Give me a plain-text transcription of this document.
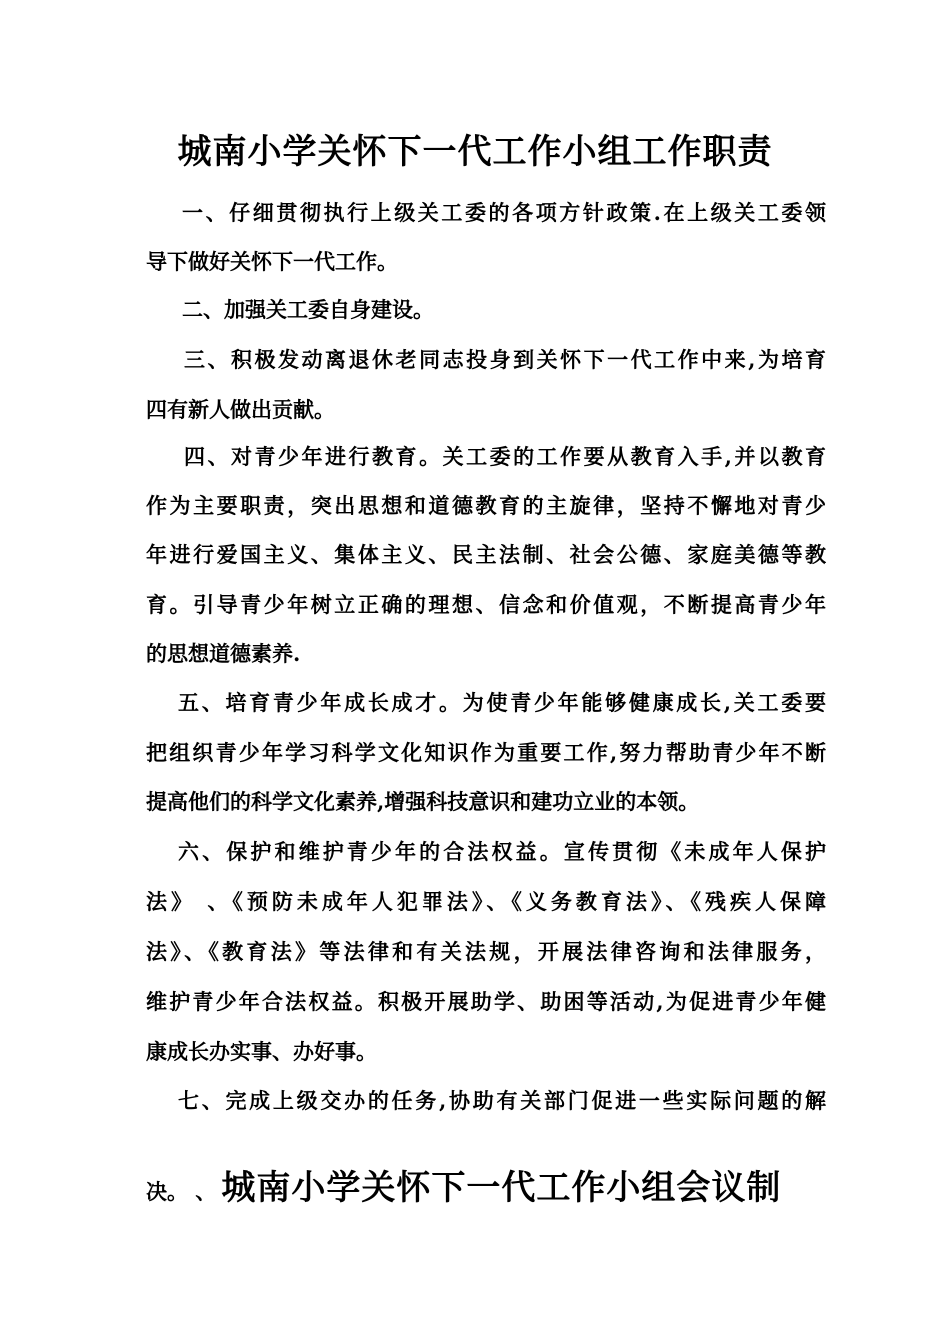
城南小学关怀下一代工作小组工作职责
一、仔细贯彻执行上级关工委的各项方针政策.在上级关工委领
导下做好关怀下一代工作。
二、加强关工委自身建设。
三、积极发动离退休老同志投身到关怀下一代工作中来,为培育
四有新人做出贡献。
四、对青少年进行教育。关工委的工作要从教育入手,并以教育
作为主要职责，突出思想和道德教育的主旋律，坚持不懈地对青少
年进行爱国主义、集体主义、民主法制、社会公德、家庭美德等教
育。引导青少年树立正确的理想、信念和价值观，不断提高青少年
的思想道德素养.
五、培育青少年成长成才。为使青少年能够健康成长,关工委要
把组织青少年学习科学文化知识作为重要工作,努力帮助青少年不断
提高他们的科学文化素养,增强科技意识和建功立业的本领。
六、保护和维护青少年的合法权益。宣传贯彻《未成年人保护
法》 、《预防未成年人犯罪法》、《义务教育法》、《残疾人保障
法》、《教育法》等法律和有关法规，开展法律咨询和法律服务，
维护青少年合法权益。积极开展助学、助困等活动,为促进青少年健
康成长办实事、办好事。
七、完成上级交办的任务,协助有关部门促进一些实际问题的解
决。 、 城南小学关怀下一代工作小组会议制
